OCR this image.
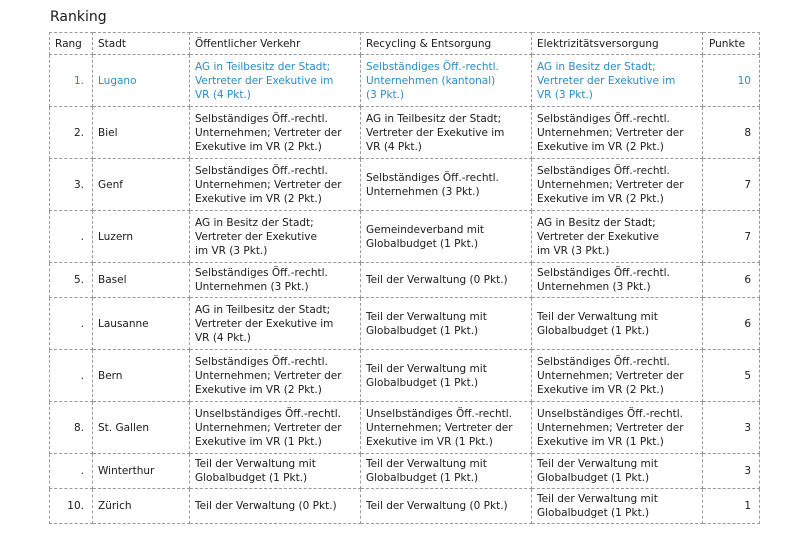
Ranking
Rang	Stadt	Öffentlicher Verkehr	Recycling & Entsorgung	Elektrizitätsversorgung	Punkte
1.	Lugano	AG in Teilbesitz der Stadt;
Vertreter der Exekutive im
VR (4 Pkt.)	Selbständiges Öff.-rechtl.
Unternehmen (kantonal)
(3 Pkt.)	AG in Besitz der Stadt;
Vertreter der Exekutive im
VR (3 Pkt.)	10
2.	Biel	Selbständiges Öff.-rechtl.
Unternehmen; Vertreter der
Exekutive im VR (2 Pkt.)	AG in Teilbesitz der Stadt;
Vertreter der Exekutive im
VR (4 Pkt.)	Selbständiges Öff.-rechtl.
Unternehmen; Vertreter der
Exekutive im VR (2 Pkt.)	8
3.	Genf	Selbständiges Öff.-rechtl.
Unternehmen; Vertreter der
Exekutive im VR (2 Pkt.)	Selbständiges Öff.-rechtl.
Unternehmen (3 Pkt.)	Selbständiges Öff.-rechtl.
Unternehmen; Vertreter der
Exekutive im VR (2 Pkt.)	7
.	Luzern	AG in Besitz der Stadt;
Vertreter der Exekutive
im VR (3 Pkt.)	Gemeindeverband mit
Globalbudget (1 Pkt.)	AG in Besitz der Stadt;
Vertreter der Exekutive
im VR (3 Pkt.)	7
5.	Basel	Selbständiges Öff.-rechtl.
Unternehmen (3 Pkt.)	Teil der Verwaltung (0 Pkt.)	Selbständiges Öff.-rechtl.
Unternehmen (3 Pkt.)	6
.	Lausanne	AG in Teilbesitz der Stadt;
Vertreter der Exekutive im
VR (4 Pkt.)	Teil der Verwaltung mit
Globalbudget (1 Pkt.)	Teil der Verwaltung mit
Globalbudget (1 Pkt.)	6
.	Bern	Selbständiges Öff.-rechtl.
Unternehmen; Vertreter der
Exekutive im VR (2 Pkt.)	Teil der Verwaltung mit
Globalbudget (1 Pkt.)	Selbständiges Öff.-rechtl.
Unternehmen; Vertreter der
Exekutive im VR (2 Pkt.)	5
8.	St. Gallen	Unselbständiges Öff.-rechtl.
Unternehmen; Vertreter der
Exekutive im VR (1 Pkt.)	Unselbständiges Öff.-rechtl.
Unternehmen; Vertreter der
Exekutive im VR (1 Pkt.)	Unselbständiges Öff.-rechtl.
Unternehmen; Vertreter der
Exekutive im VR (1 Pkt.)	3
.	Winterthur	Teil der Verwaltung mit
Globalbudget (1 Pkt.)	Teil der Verwaltung mit
Globalbudget (1 Pkt.)	Teil der Verwaltung mit
Globalbudget (1 Pkt.)	3
10.	Zürich	Teil der Verwaltung (0 Pkt.)	Teil der Verwaltung (0 Pkt.)	Teil der Verwaltung mit
Globalbudget (1 Pkt.)	1
